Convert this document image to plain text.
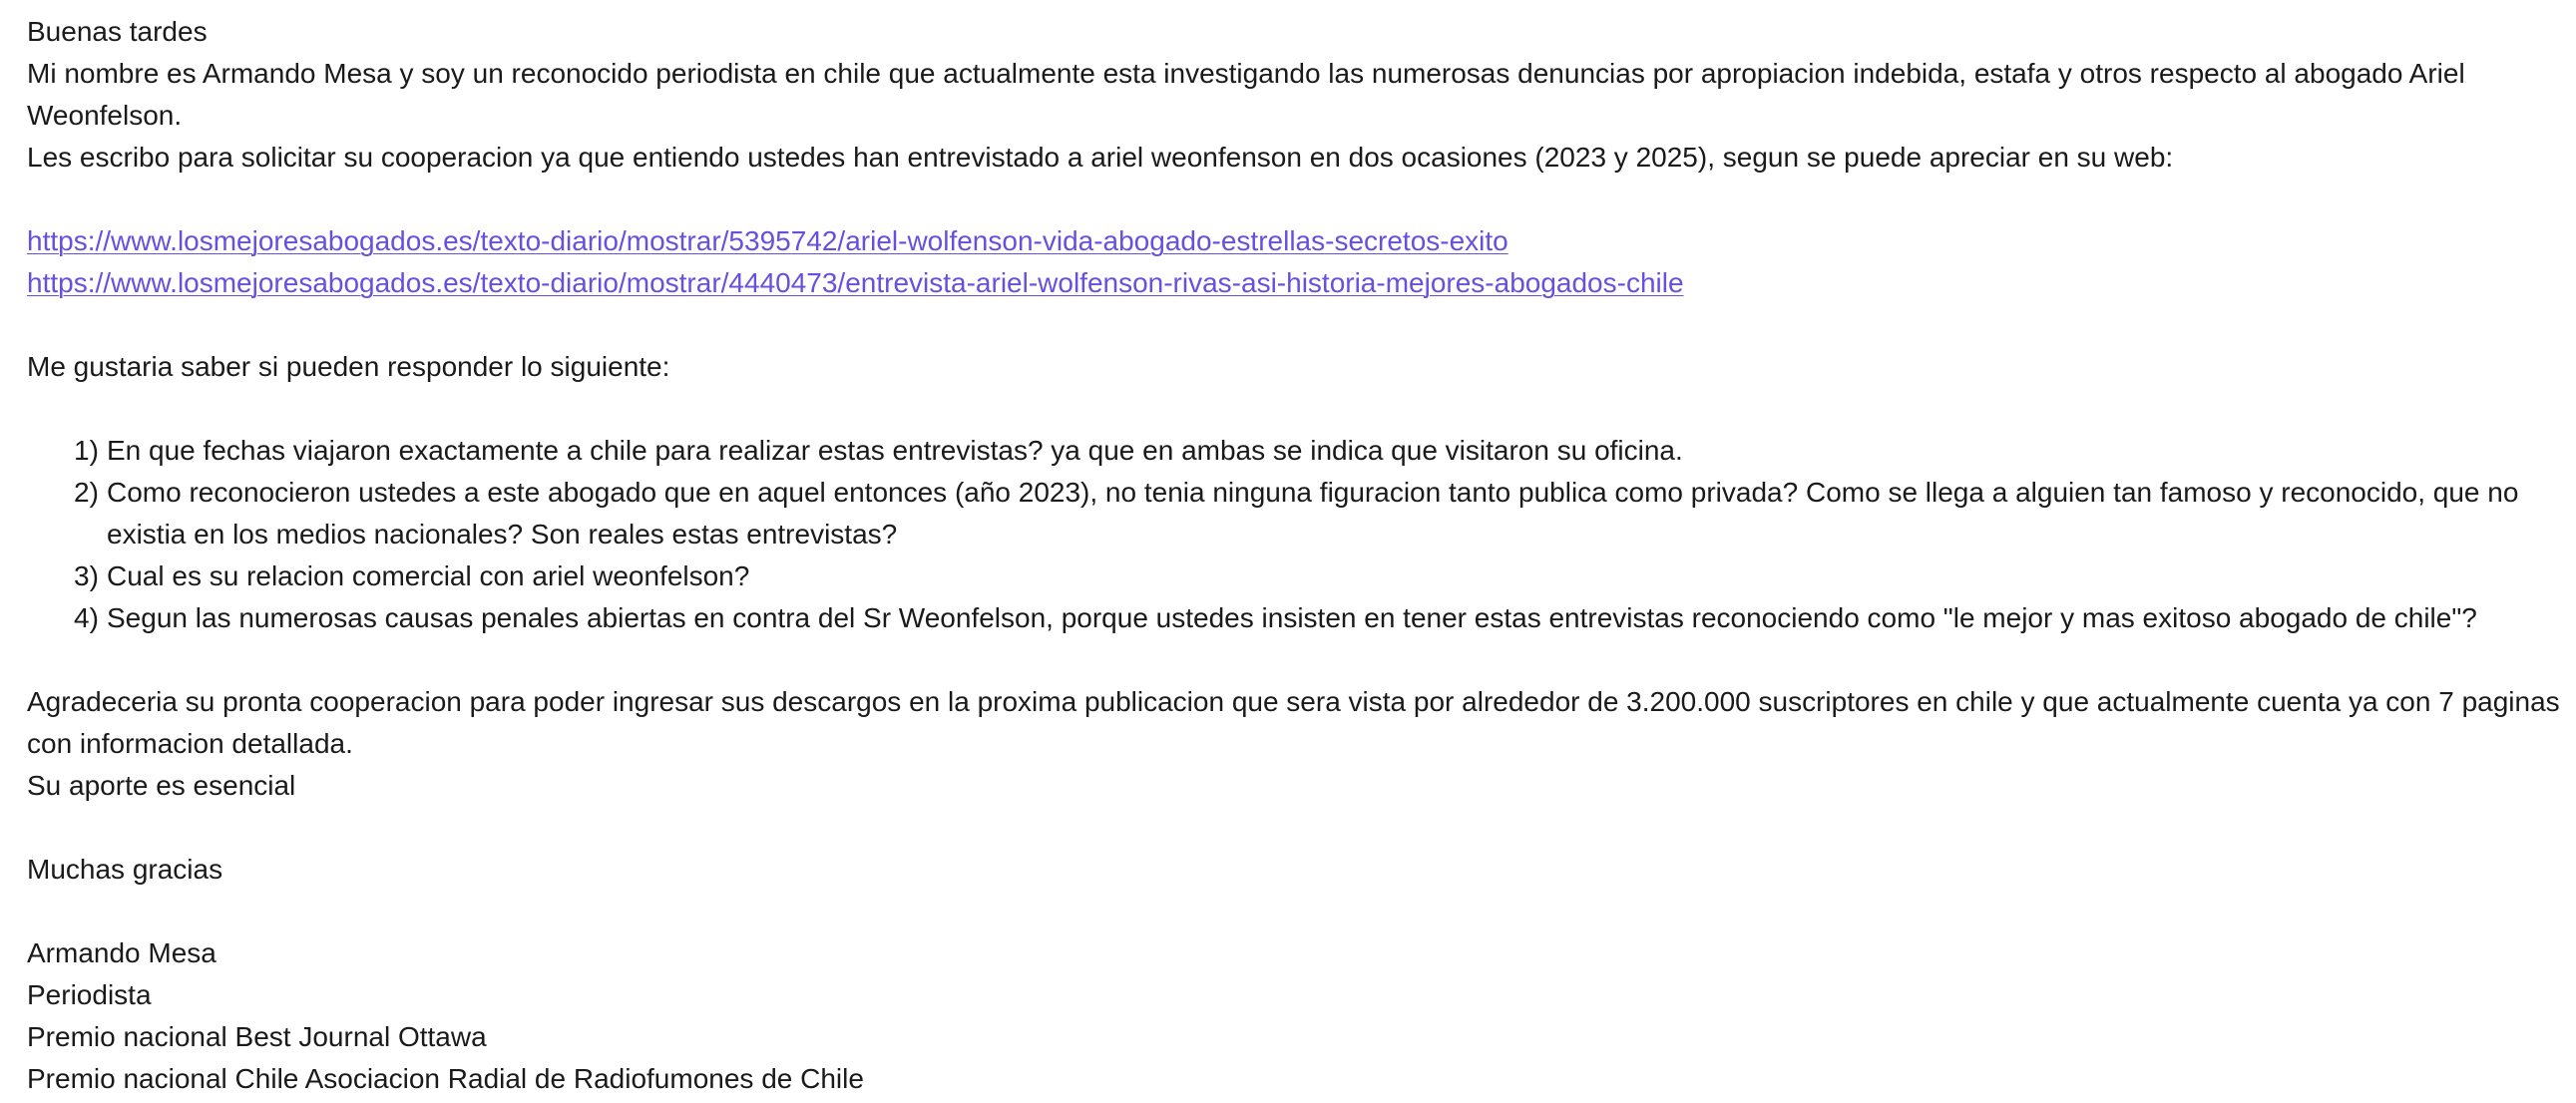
Buenas tardes
Mi nombre es Armando Mesa y soy un reconocido periodista en chile que actualmente esta investigando las numerosas denuncias por apropiacion indebida, estafa y otros respecto al abogado Ariel
Weonfelson.
Les escribo para solicitar su cooperacion ya que entiendo ustedes han entrevistado a ariel weonfenson en dos ocasiones (2023 y 2025), segun se puede apreciar en su web:
https://www.losmejoresabogados.es/texto-diario/mostrar/5395742/ariel-wolfenson-vida-abogado-estrellas-secretos-exito
https://www.losmejoresabogados.es/texto-diario/mostrar/4440473/entrevista-ariel-wolfenson-rivas-asi-historia-mejores-abogados-chile
Me gustaria saber si pueden responder lo siguiente:
1) En que fechas viajaron exactamente a chile para realizar estas entrevistas? ya que en ambas se indica que visitaron su oficina.
2) Como reconocieron ustedes a este abogado que en aquel entonces (año 2023), no tenia ninguna figuracion tanto publica como privada? Como se llega a alguien tan famoso y reconocido, que no
existia en los medios nacionales? Son reales estas entrevistas?
3) Cual es su relacion comercial con ariel weonfelson?
4) Segun las numerosas causas penales abiertas en contra del Sr Weonfelson, porque ustedes insisten en tener estas entrevistas reconociendo como "le mejor y mas exitoso abogado de chile"?
Agradeceria su pronta cooperacion para poder ingresar sus descargos en la proxima publicacion que sera vista por alrededor de 3.200.000 suscriptores en chile y que actualmente cuenta ya con 7 paginas
con informacion detallada.
Su aporte es esencial
Muchas gracias
Armando Mesa
Periodista
Premio nacional Best Journal Ottawa
Premio nacional Chile Asociacion Radial de Radiofumones de Chile
